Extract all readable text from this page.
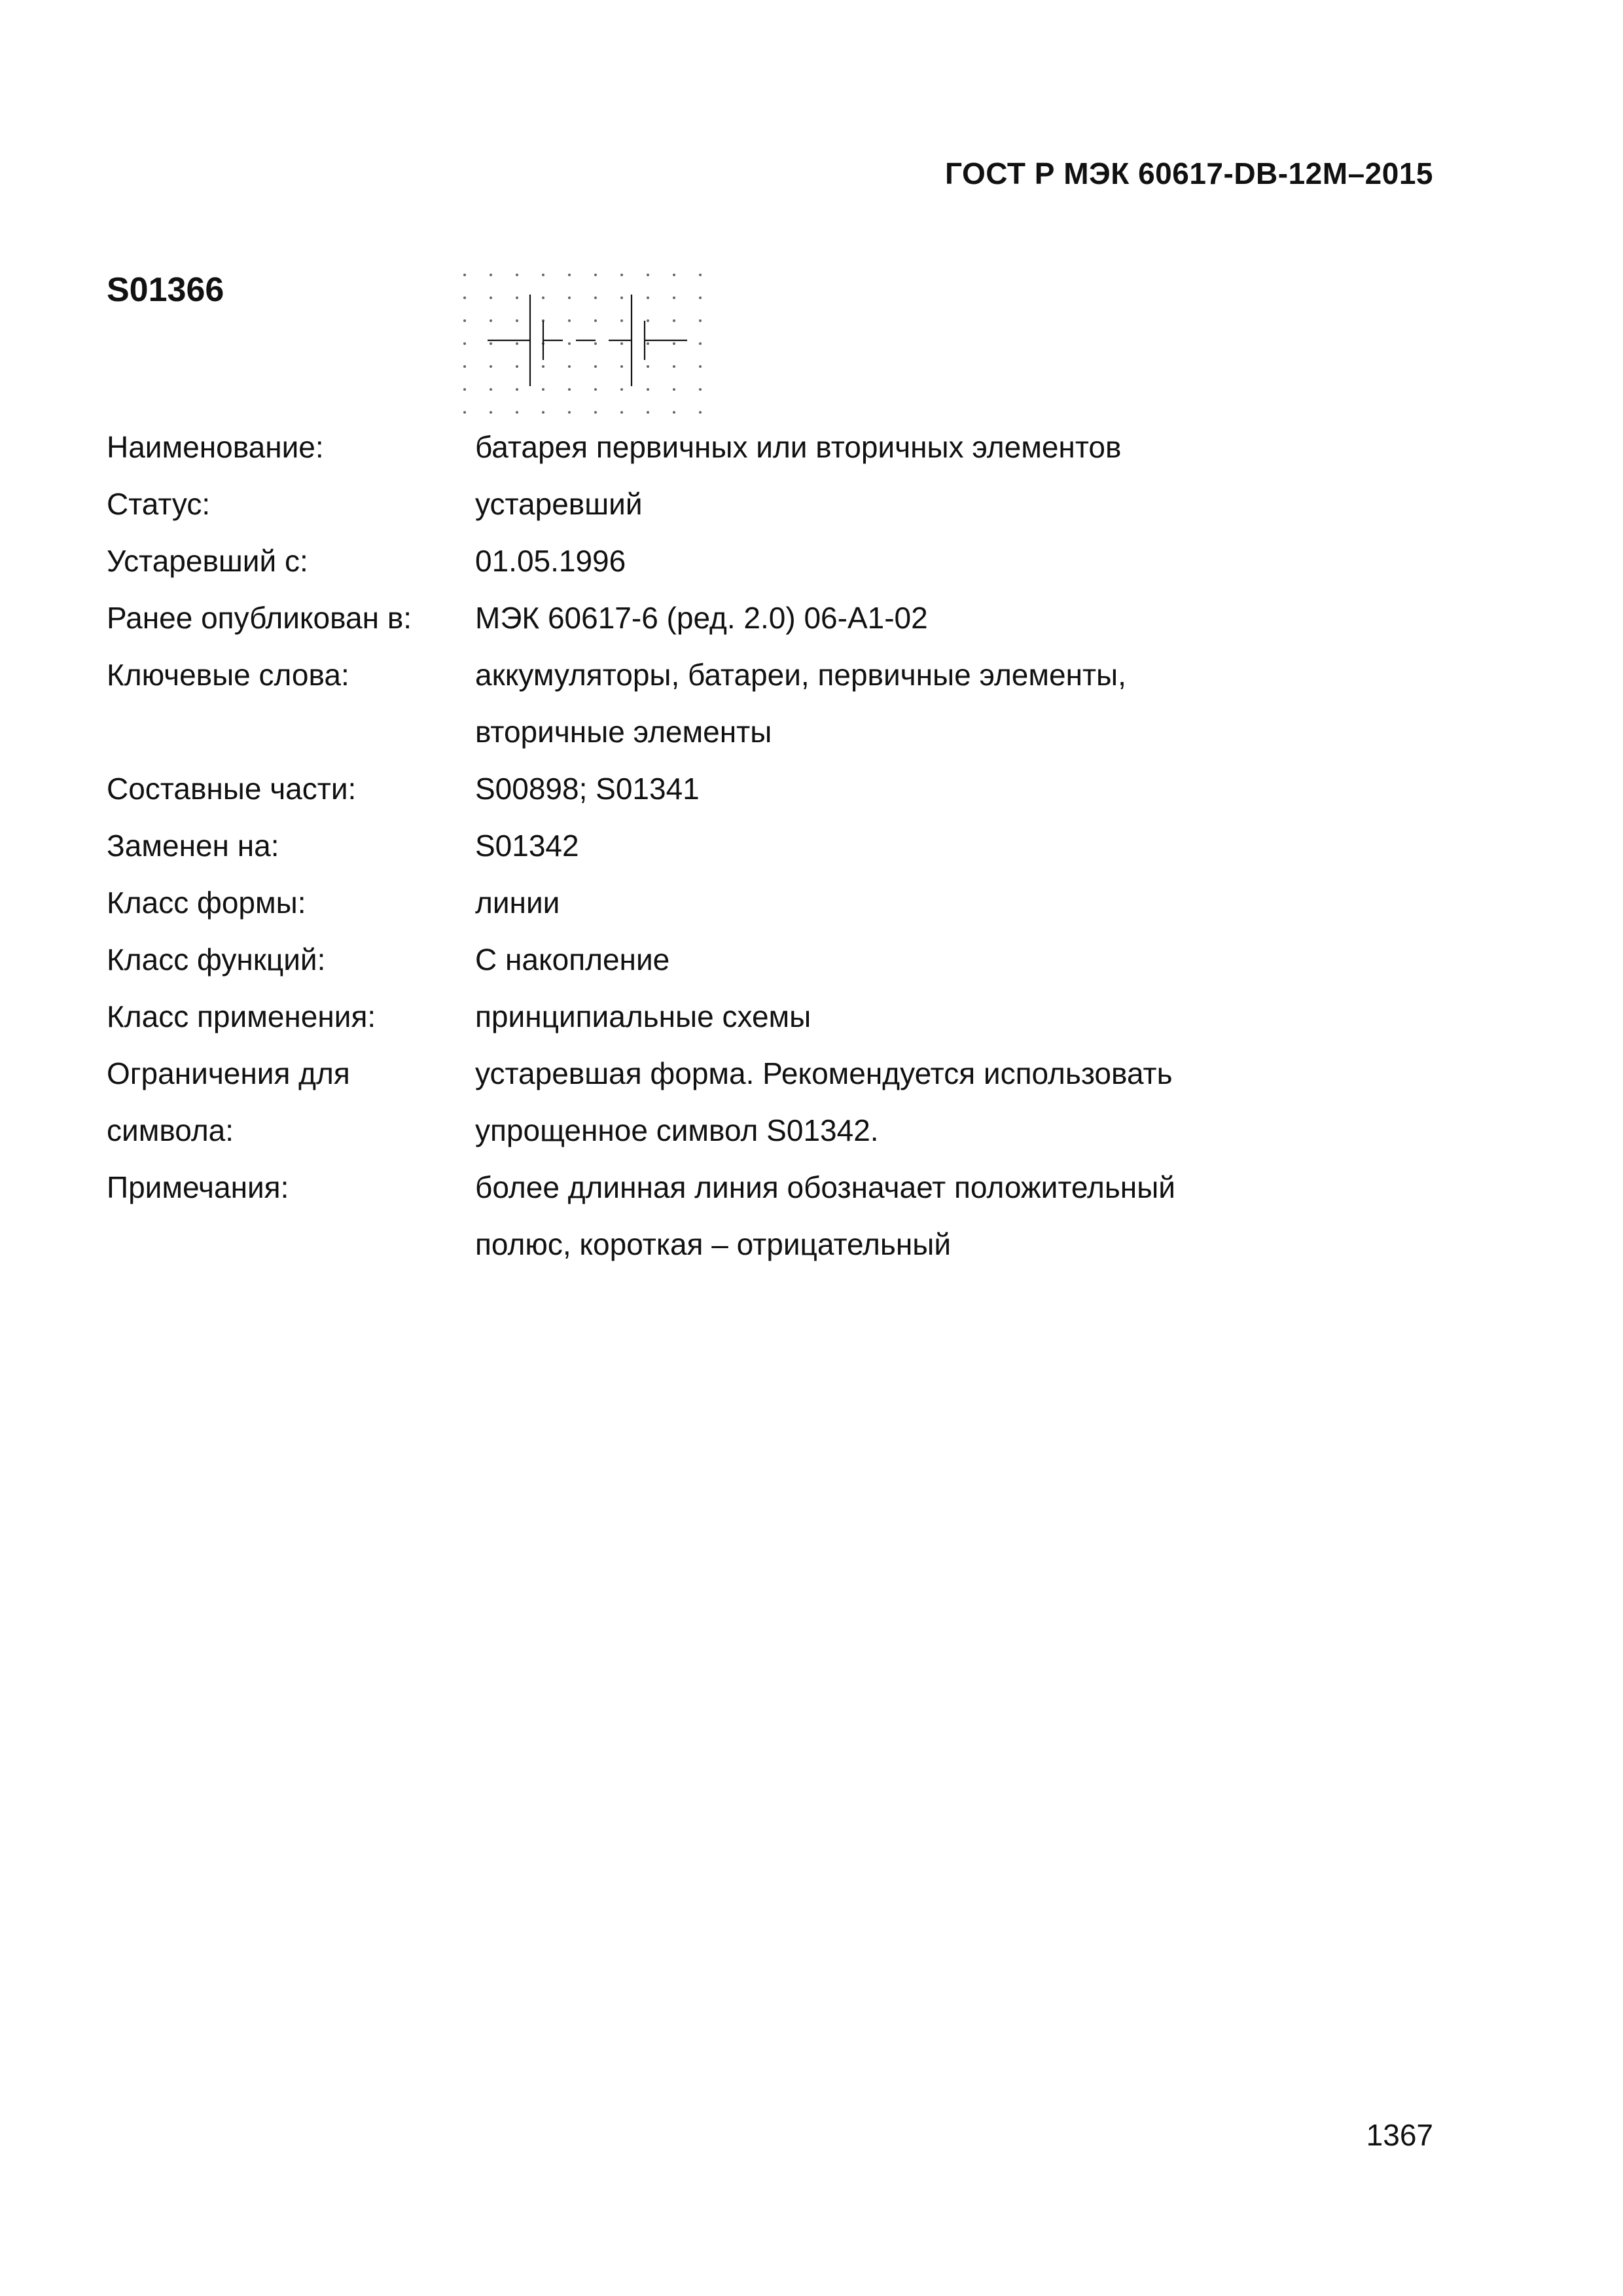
ГОСТ Р МЭК 60617-DB-12M–2015
S01366
Наименование:	батарея первичных или вторичных элементов
Статус:	устаревший
Устаревший с:	01.05.1996
Ранее опубликован в:	МЭК 60617-6 (ред. 2.0) 06-A1-02
Ключевые слова:	аккумуляторы, батареи, первичные элементы,
вторичные элементы
Составные части:	S00898; S01341
Заменен на:	S01342
Класс формы:	линии
Класс функций:	С накопление
Класс применения:	принципиальные схемы
Ограничения для	устаревшая форма. Рекомендуется использовать
символа:	упрощенное символ S01342.
Примечания:	более длинная линия обозначает положительный
полюс, короткая – отрицательный
1367
